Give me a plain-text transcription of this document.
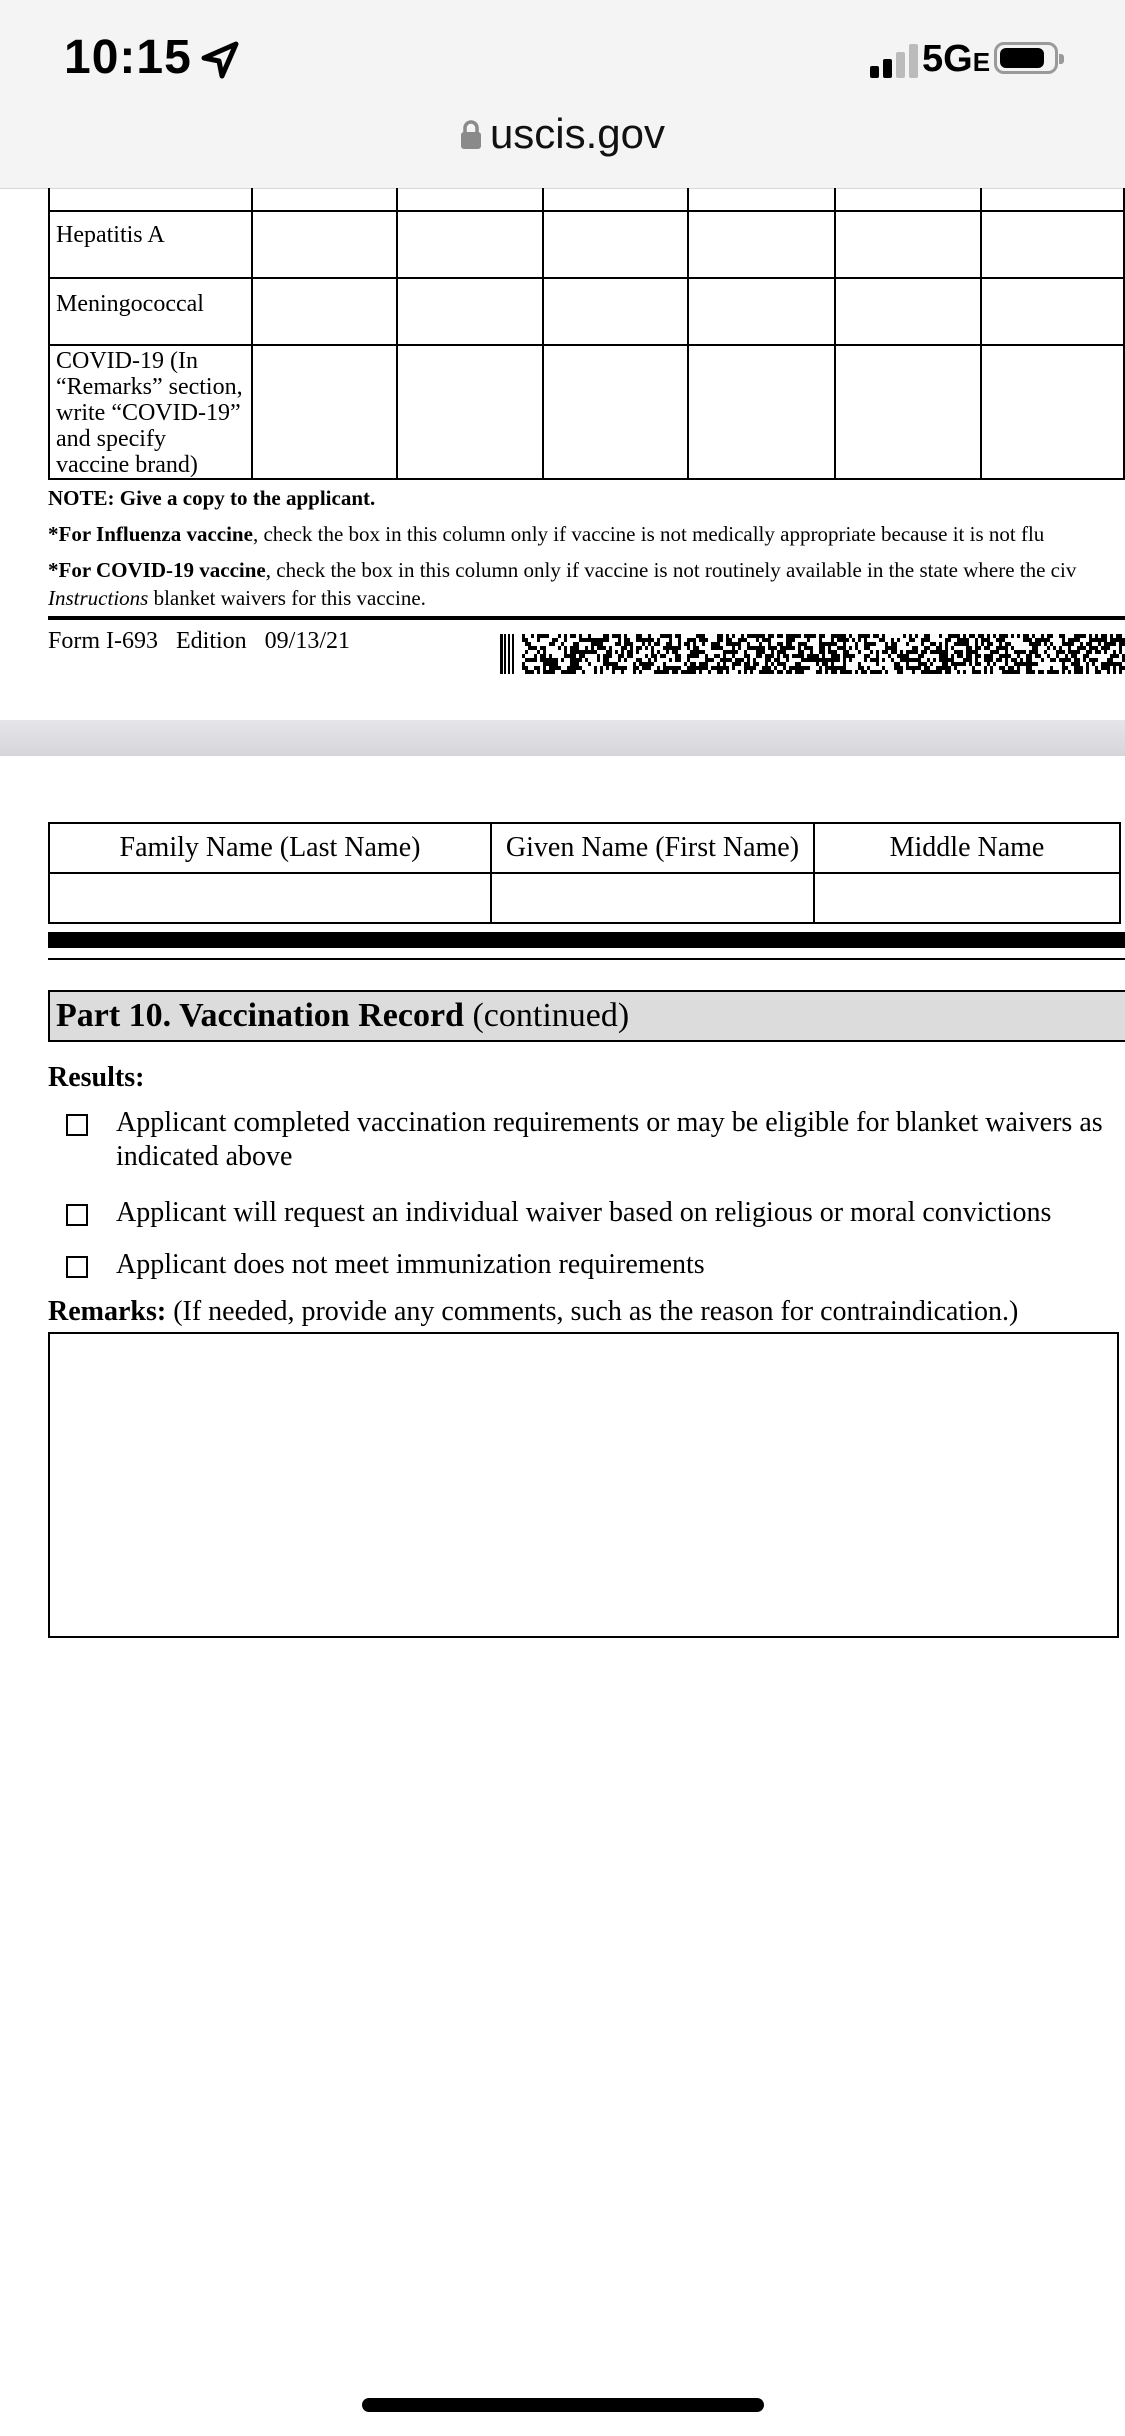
10:15	5GE
uscis.gov

Hepatitis A						
Meningococcal						
COVID-19 (In “Remarks” section, write “COVID-19” and specify vaccine brand)						
NOTE: Give a copy to the applicant.
*For Influenza vaccine, check the box in this column only if vaccine is not medically appropriate because it is not flu
*For COVID-19 vaccine, check the box in this column only if vaccine is not routinely available in the state where the civ
Instructions blanket waivers for this vaccine.
Form I-693 Edition 09/13/21
Family Name (Last Name)	Given Name (First Name)	Middle Name

Part 10. Vaccination Record (continued)
Results:
Applicant completed vaccination requirements or may be eligible for blanket waivers as indicated above
Applicant will request an individual waiver based on religious or moral convictions
Applicant does not meet immunization requirements
Remarks: (If needed, provide any comments, such as the reason for contraindication.)
